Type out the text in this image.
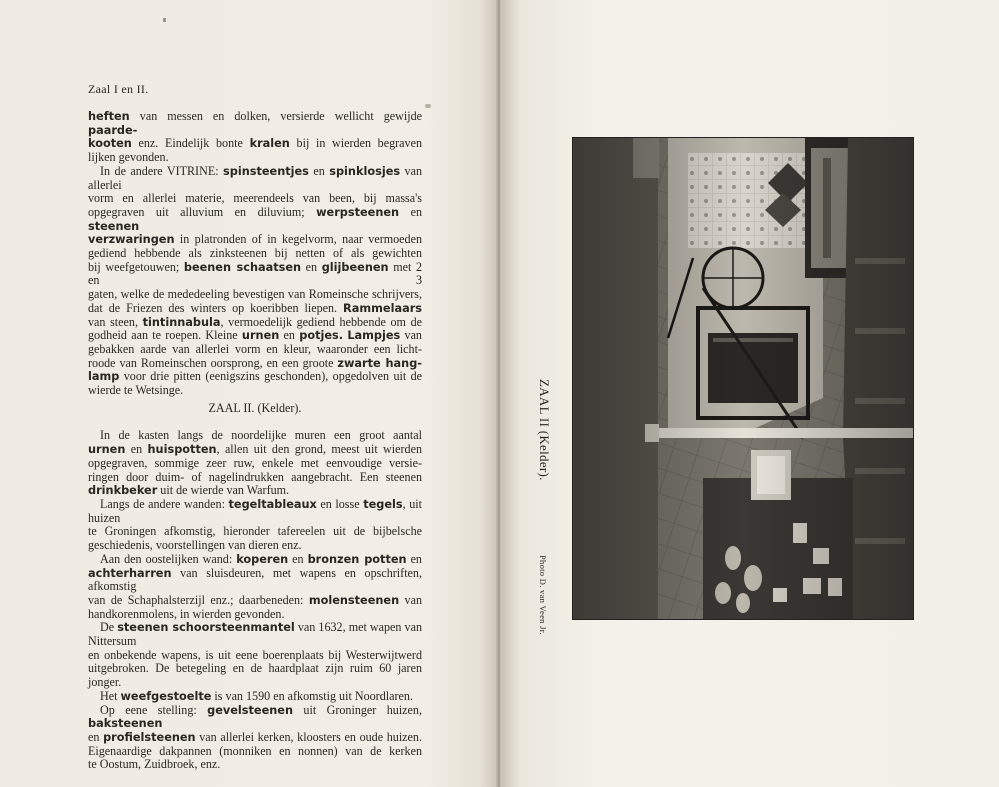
Zaal I en II.
heften van messen en dolken, versierde wellicht gewijde paarde-
kooten enz. Eindelijk bonte kralen bij in wierden begraven
lijken gevonden.
In de andere VITRINE: spinsteentjes en spinklosjes van allerlei
vorm en allerlei materie, meerendeels van been, bij massa's
opgegraven uit alluvium en diluvium; werpsteenen en steenen
verzwaringen in platronden of in kegelvorm, naar vermoeden
gediend hebbende als zinksteenen bij netten of als gewichten
bij weefgetouwen; beenen schaatsen en glijbeenen met 2 en 3
gaten, welke de mededeeling bevestigen van Romeinsche schrijvers,
dat de Friezen des winters op koeribben liepen. Rammelaars
van steen, tintinnabula, vermoedelijk gediend hebbende om de
godheid aan te roepen. Kleine urnen en potjes. Lampjes van
gebakken aarde van allerlei vorm en kleur, waaronder een licht-
roode van Romeinschen oorsprong, en een groote zwarte hang-
lamp voor drie pitten (eenigszins geschonden), opgedolven uit de
wierde te Wetsinge.
ZAAL II. (Kelder).
In de kasten langs de noordelijke muren een groot aantal
urnen en huispotten, allen uit den grond, meest uit wierden
opgegraven, sommige zeer ruw, enkele met eenvoudige versie-
ringen door duim- of nagelindrukken aangebracht. Een steenen
drinkbeker uit de wierde van Warfum.
Langs de andere wanden: tegeltableaux en losse tegels, uit huizen
te Groningen afkomstig, hieronder tafereelen uit de bijbelsche
geschiedenis, voorstellingen van dieren enz.
Aan den oostelijken wand: koperen en bronzen potten en
achterharren van sluisdeuren, met wapens en opschriften, afkomstig
van de Schaphalsterzijl enz.; daarbeneden: molensteenen van
handkorenmolens, in wierden gevonden.
De steenen schoorsteenmantel van 1632, met wapen van Nittersum
en onbekende wapens, is uit eene boerenplaats bij Westerwijtwerd
uitgebroken. De betegeling en de haardplaat zijn ruim 60 jaren
jonger.
Het weefgestoelte is van 1590 en afkomstig uit Noordlaren.
Op eene stelling: gevelsteenen uit Groninger huizen, baksteenen
en profielsteenen van allerlei kerken, kloosters en oude huizen.
Eigenaardige dakpannen (monniken en nonnen) van de kerken
te Oostum, Zuidbroek, enz.
ZAAL II (Kelder).
Photo D. van Veen Jr.
